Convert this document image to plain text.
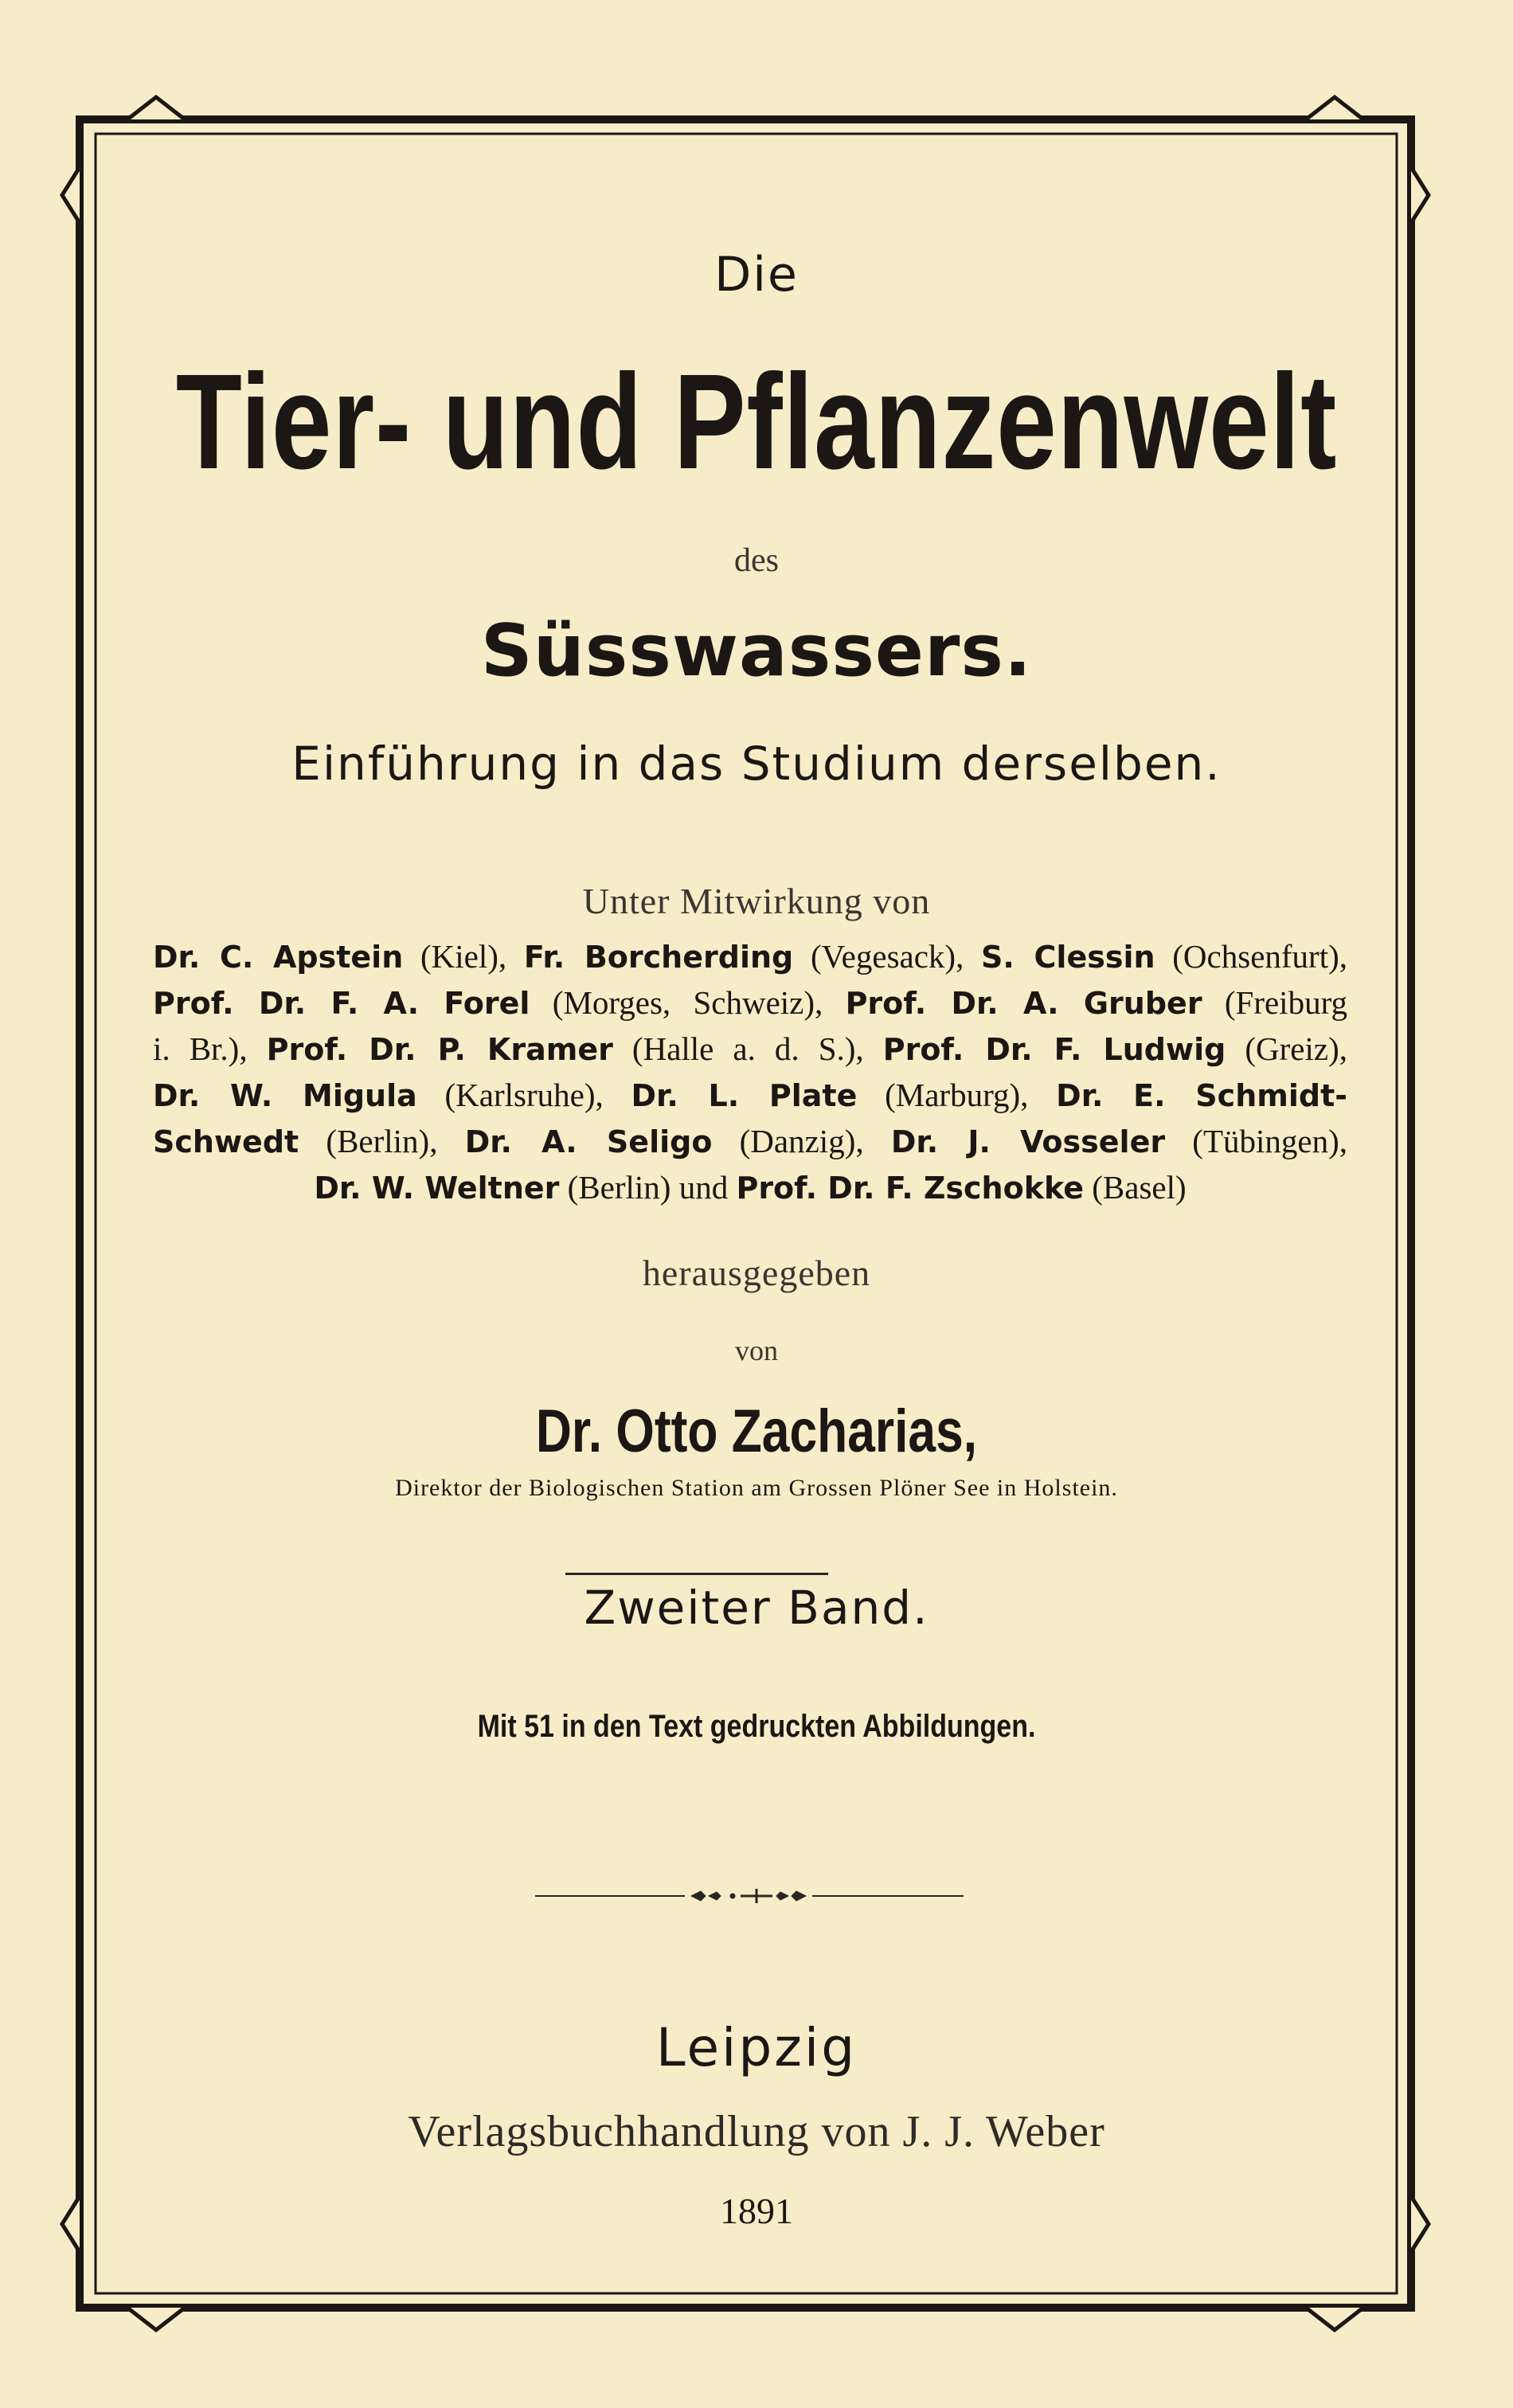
Die
Tier- und Pflanzenwelt
des
Süsswassers.
Einführung in das Studium derselben.
Unter Mitwirkung von
Dr. C. Apstein (Kiel), Fr. Borcherding (Vegesack), S. Clessin (Ochsenfurt),
Prof. Dr. F. A. Forel (Morges, Schweiz), Prof. Dr. A. Gruber (Freiburg
i. Br.), Prof. Dr. P. Kramer (Halle a. d. S.), Prof. Dr. F. Ludwig (Greiz),
Dr. W. Migula (Karlsruhe), Dr. L. Plate (Marburg), Dr. E. Schmidt-
Schwedt (Berlin), Dr. A. Seligo (Danzig), Dr. J. Vosseler (Tübingen),
Dr. W. Weltner (Berlin) und Prof. Dr. F. Zschokke (Basel)
herausgegeben
von
Dr. Otto Zacharias,
Direktor der Biologischen Station am Grossen Plöner See in Holstein.
Zweiter Band.
Mit 51 in den Text gedruckten Abbildungen.
Leipzig
Verlagsbuchhandlung von J. J. Weber
1891
